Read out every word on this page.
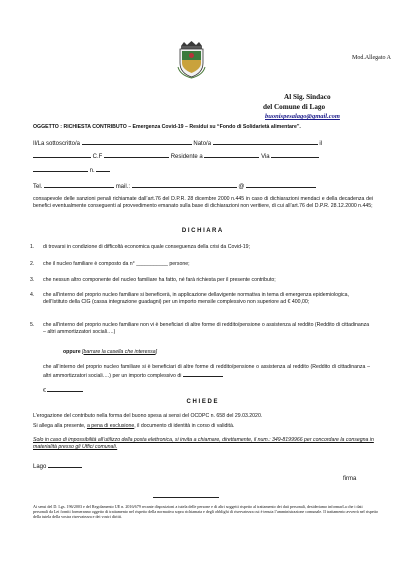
Mod.Allegato A
Al Sig. Sindaco
del Comune di Lago
buonispesalago@gmail.com
OGGETTO : RICHIESTA CONTRIBUTO – Emergenza Covid-19 – Residui su “Fondo di Solidarietà alimentare”.
Il/La sottoscritto/a	Nato/a	il
C.F	Residente a	Via
n.
Tel.	mail.:	@
consapevole delle sanzioni penali richiamate dall’art.76 del D.P.R. 28 dicembre 2000 n.445 in caso di dichiarazioni mendaci e della decadenza dei benefici eventualmente conseguenti al provvedimento emanato sulla base di dichiarazioni non veritiere, di cui all’art.76 del D.P.R. 28.12.2000 n.445;
D I C H I A R A
1. di trovarsi in condizione di difficoltà economica quale conseguenza della crisi da Covid-19;
2. che il nucleo familiare è composto da n° ___________ persone;
3. che nessun altro componente del nucleo familiare ha fatto, né farà richiesta per il presente contributo;
4. che all’interno del proprio nucleo familiare si beneficerà, in applicazione dellavigente normativa in tema di emergenza epidemiologica, dell’Istituto della CIG (cassa integrazione guadagni) per un importo mensile complessivo non superiore ad € 400,00;
5. che all’interno del proprio nucleo familiare non vi è beneficiari di altre forme di reddito/pensione o assistenza al reddito (Reddito di cittadinanza – altri ammortizzatori sociali….)
oppure [barrare la casella che interessa]
che all’interno del proprio nucleo familiare si è beneficiari di altre forme di reddito/pensione o assistenza al reddito (Reddito di cittadinanza – altri ammortizzatori sociali….) per un importo complessivo di
€
C H I E D E
L’erogazione del contributo nella forma del buono spesa ai sensi del OCDPC n. 658 del 29.03.2020.
Si allega alla presente, a pena di esclusione, il documento di identità in corso di validità.
Solo in caso di impossibilità all’utilizzo della posta elettronica, si invita a chiamare, direttamente, il num.: 349-8199966 per concordare la consegna in materialità presso gli Uffici comunali.
Lago
firma
Ai sensi del D. Lgs. 196/2003 e del Regolamento UE n. 2016/679 recante disposizioni a tutela delle persone e di altri soggetti rispetto al trattamento dei dati personali, desideriamo informarLa che i dati personali da Lei forniti formeranno oggetto di trattamento nel rispetto della normativa sopra richiamata e degli obblighi di riservatezza cui è tenuta l’amministrazione comunale. Il trattamento avverrà nel rispetto della tutela della vostra riservatezza e dei vostri diritti.
